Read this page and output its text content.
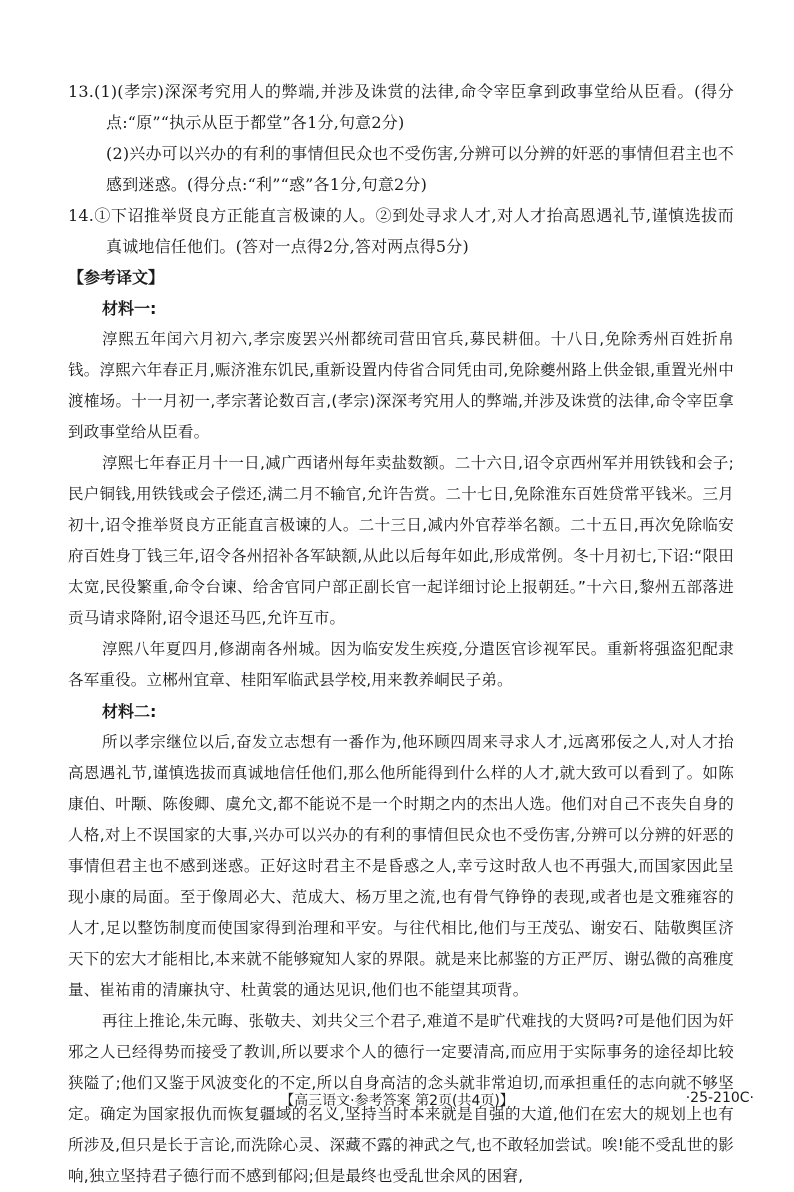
13.(1)(孝宗)深深考究用人的弊端,并涉及诛赏的法律,命令宰臣拿到政事堂给从臣看。(得分点:“原”“执示从臣于都堂”各1分,句意2分)

(2)兴办可以兴办的有利的事情但民众也不受伤害,分辨可以分辨的奸恶的事情但君主也不感到迷惑。(得分点:“利”“惑”各1分,句意2分)

14.①下诏推举贤良方正能直言极谏的人。②到处寻求人才,对人才抬高恩遇礼节,谨慎选拔而真诚地信任他们。(答对一点得2分,答对两点得5分)

【参考译文】

材料一:

淳熙五年闰六月初六,孝宗废罢兴州都统司营田官兵,募民耕佃。十八日,免除秀州百姓折帛钱。淳熙六年春正月,赈济淮东饥民,重新设置内侍省合同凭由司,免除夔州路上供金银,重置光州中渡榷场。十一月初一,孝宗著论数百言,(孝宗)深深考究用人的弊端,并涉及诛赏的法律,命令宰臣拿到政事堂给从臣看。

淳熙七年春正月十一日,减广西诸州每年卖盐数额。二十六日,诏令京西州军并用铁钱和会子;民户铜钱,用铁钱或会子偿还,满二月不输官,允许告赏。二十七日,免除淮东百姓贷常平钱米。三月初十,诏令推举贤良方正能直言极谏的人。二十三日,减内外官荐举名额。二十五日,再次免除临安府百姓身丁钱三年,诏令各州招补各军缺额,从此以后每年如此,形成常例。冬十月初七,下诏:“限田太宽,民役繁重,命令台谏、给舍官同户部正副长官一起详细讨论上报朝廷。”十六日,黎州五部落进贡马请求降附,诏令退还马匹,允许互市。

淳熙八年夏四月,修湖南各州城。因为临安发生疾疫,分遣医官诊视军民。重新将强盗犯配隶各军重役。立郴州宜章、桂阳军临武县学校,用来教养峒民子弟。

材料二:

所以孝宗继位以后,奋发立志想有一番作为,他环顾四周来寻求人才,远离邪佞之人,对人才抬高恩遇礼节,谨慎选拔而真诚地信任他们,那么他所能得到什么样的人才,就大致可以看到了。如陈康伯、叶颙、陈俊卿、虞允文,都不能说不是一个时期之内的杰出人选。他们对自己不丧失自身的人格,对上不误国家的大事,兴办可以兴办的有利的事情但民众也不受伤害,分辨可以分辨的奸恶的事情但君主也不感到迷惑。正好这时君主不是昏惑之人,幸亏这时敌人也不再强大,而国家因此呈现小康的局面。至于像周必大、范成大、杨万里之流,也有骨气铮铮的表现,或者也是文雅雍容的人才,足以整饬制度而使国家得到治理和平安。与往代相比,他们与王茂弘、谢安石、陆敬舆匡济天下的宏大才能相比,本来就不能够窥知人家的界限。就是来比郝鉴的方正严厉、谢弘微的高雅度量、崔祐甫的清廉执守、杜黄裳的通达见识,他们也不能望其项背。

再往上推论,朱元晦、张敬夫、刘共父三个君子,难道不是旷代难找的大贤吗?可是他们因为奸邪之人已经得势而接受了教训,所以要求个人的德行一定要清高,而应用于实际事务的途径却比较狭隘了;他们又鉴于风波变化的不定,所以自身高洁的念头就非常迫切,而承担重任的志向就不够坚定。确定为国家报仇而恢复疆域的名义,坚持当时本来就是自强的大道,他们在宏大的规划上也有所涉及,但只是长于言论,而洗除心灵、深藏不露的神武之气,也不敢轻加尝试。唉!能不受乱世的影响,独立坚持君子德行而不感到郁闷;但是最终也受乱世余风的困窘,

【高三语文·参考答案 第2页(共4页)】	·25-210C·
